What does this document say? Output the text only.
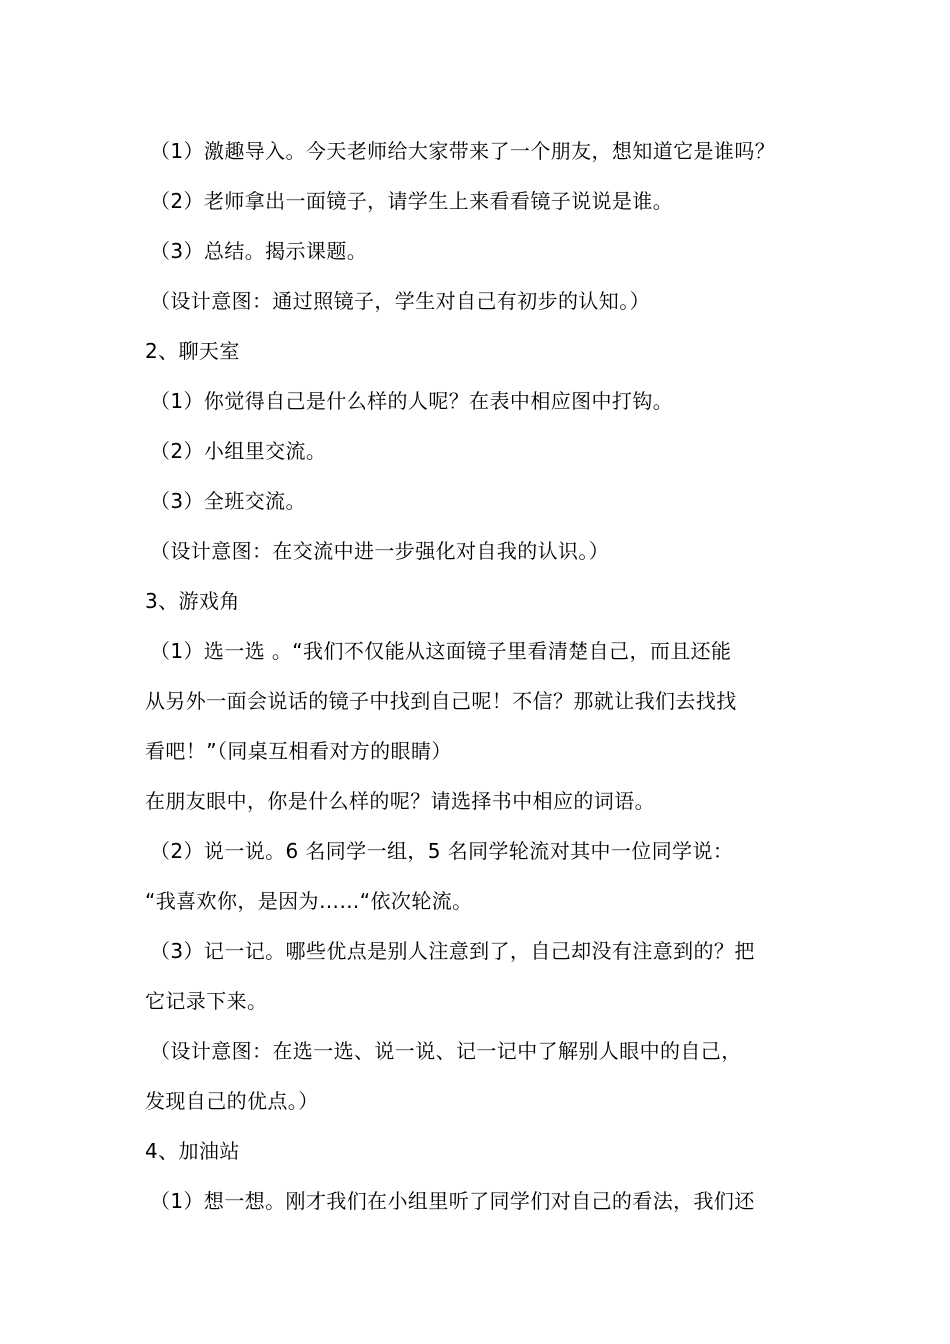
（1）激趣导入。今天老师给大家带来了一个朋友，想知道它是谁吗？
（2）老师拿出一面镜子，请学生上来看看镜子说说是谁。
（3）总结。揭示课题。
（设计意图：通过照镜子，学生对自己有初步的认知。）
2、聊天室
（1）你觉得自己是什么样的人呢？在表中相应图中打钩。
（2）小组里交流。
（3）全班交流。
（设计意图：在交流中进一步强化对自我的认识。）
3、游戏角
（1）选一选 。“我们不仅能从这面镜子里看清楚自己，而且还能
从另外一面会说话的镜子中找到自己呢！不信？那就让我们去找找
看吧！”（同桌互相看对方的眼睛）
在朋友眼中，你是什么样的呢？请选择书中相应的词语。
（2）说一说。6 名同学一组，5 名同学轮流对其中一位同学说：
“我喜欢你，是因为……“依次轮流。
（3）记一记。哪些优点是别人注意到了，自己却没有注意到的？把
它记录下来。
（设计意图：在选一选、说一说、记一记中了解别人眼中的自己，
发现自己的优点。）
4、加油站
（1）想一想。刚才我们在小组里听了同学们对自己的看法，我们还
